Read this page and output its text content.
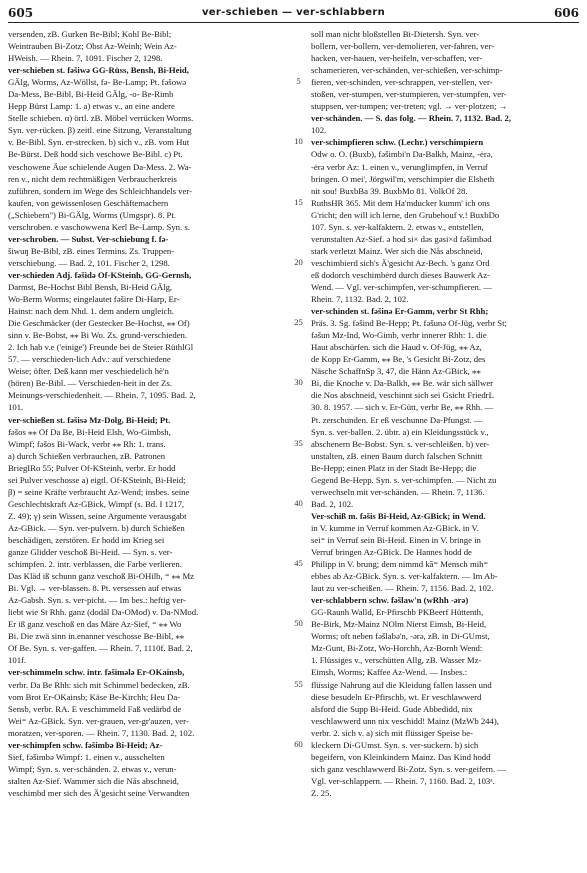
605	ver-schieben — ver-schlabbern	606
versenden, zB. Gurken Be-Bibl; Kohl Be-Bibl;
Weintrauben Bi-Zotz; Obst Az-Weinh; Wein Az-
HWeish. — Rhein. 7, 1091. Fischer 2, 1298.
ver-schieben st. fəšiwə GG-Rüss, Bensh, Bi-Heid,
GÄlg, Worms, Az-Wöllst, fə- Be-Lamp; Pt. fəšowə
Da-Mess, Be-Bibl, Bi-Heid GÄlg, -o- Be-Rimb
Hepp Bürst Lamp: 1. a) etwas v., an eine andere
Stelle schieben. α) örtl. zB. Möbel verrücken Worms.
Syn. ver-rücken. β) zeitl. eine Sitzung, Veranstaltung
v. Be-Bibl. Syn. er-strecken. b) sich v., zB. vom Hut
Be-Bürst. Deß hodd sich veschowe Be-Bibl. c) Pt.
veschowene Äue schielende Augen Da-Mess. 2. Wa-
ren v., nicht dem rechtmäßigen Verbraucherkreis
zuführen, sondern im Wege des Schleichhandels ver-
kaufen, von gewissenlosen Geschäftemachern
(„Schiebern") Bi-GÄlg, Worms (Umgspr). 8. Pt.
verschroben. e vaschowwena Kerl Be-Lamp. Syn. s.
ver-schroben. — Subst. Ver-schiebung f. fə-
šiwuŋ Be-Bibl, zB. eines Termins. Zs. Truppen-
verschiebung. — Bad. 2, 101. Fischer 2, 1298.
ver-schieden Adj. fəšidə Of-KSteinh, GG-Gernsh,
Darmst, Be-Hochst Bibl Bensh, Bi-Heid GÄlg,
Wo-Berm Worms; eingelautet fəšire Di-Harp, Er-
Hainst: nach dem Nhd. 1. dem andern ungleich.
Die Geschmäcker (der Gestecker Be-Hochst, ⁎⁎ Of)
sinn v. Be-Bobst, ⁎⁎ Bi Wo. Zs. grund-verschieden.
2. Ich hab v.e ('einige') Freunde bei de Steier RüthlGl
57. — verschieden-lich Adv.: auf verschiedene
Weise; öfter. Deß kann mer veschiedelich hè'n
(hören) Be-Bibl. — Verschieden-heit in der Zs.
Meinungs-verschiedenheit. — Rhein. 7, 1095. Bad. 2,
101.
ver-schießen st. fəšisə Mz-Dolg, Bi-Heid; Pt.
fəšos ⁎⁎ Of Da Be, Bi-Heid Elsh, Wo-Gimbsh,
Wimpf; fəšos Bi-Wack, verbr ⁎⁎ Rh: 1. trans.
a) durch Schießen verbrauchen, zB. Patronen
BriegIRo 55; Pulver Of-KSteinh, verbr. Er hodd
sei Pulver veschosse a) eigtl. Of-KSteinh, Bi-Heid;
β) = seine Kräfte verbraucht Az-Wend; insbes. seine
Geschlechtskraft Az-GBick, Wimpf (s. Bd. I 1217,
Z. 49); γ) sein Wissen, seine Argumente verausgabt
Az-GBick. — Syn. ver-pulvern. b) durch Schießen
beschädigen, zerstören. Er hodd im Krieg sei
ganze Glidder veschoß Bi-Heid. — Syn. s. ver-
schimpfen. 2. intr. verblassen, die Farbe verlieren.
Das Kläd iß schunn ganz veschoß Bi-OHilb, ⁼ ⁎⁎ Mz
Bi. Vgl. → ver-blassen. 8. Pt. versessen auf etwas
Az-Gabsh. Syn. s. ver-picht. — Im bes.: heftig ver-
liebt wie St Rhh. ganz (dodäl Da-OMod) v. Da-NMod.
Er iß ganz veschoß en das Märe Az-Sief, ⁼ ⁎⁎ Wo
Bi. Die zwä sinn in.enanner veschosse Be-Bibl, ⁎⁎
Of Be. Syn. s. ver-gaffen. — Rhein. 7, 1110f. Bad. 2,
101f.
ver-schimmeln schw. intr. fəšimələ Er-OKainsb,
verbr. Da Be Rhh: sich mit Schimmel bedecken, zB.
vom Brot Er-OKainsb; Käse Be-Kirchh; Heu Da-
Sensb, verbr. RA. E veschimmeld Faß vedärbd de
Wei⁼ Az-GBick. Syn. ver-grauen, ver-gr'auzen, ver-
moratzen, ver-sporen. — Rhein. 7, 1130. Bad. 2, 102.
ver-schimpfen schw. fəšimbə Bi-Heid; Az-
Sief, fəšimbə Wimpf: 1. einen v., ausschelten
Wimpf; Syn. s. ver-schänden. 2. etwas v., verun-
stalten Az-Sief. Wammer sich die Nås abschneid,
veschimbd mer sich des Ä'gesicht seine Verwandten
5
10
15
20
25
30
35
40
45
50
55
60
soll man nicht bloßstellen Bi-Dietersh. Syn. ver-
bollern, ver-bollern, ver-demolieren, ver-fahren, ver-
hacken, ver-hauen, ver-heifeln, ver-schaffen, ver-
schamerieren, ver-schänden, ver-schießen, ver-schimp-
fieren, ver-schinden, ver-schrappen, ver-stellen, ver-
stoßen, ver-stumpen, ver-stumpieren, ver-stumpfen, ver-
stuppsen, ver-tumpen; ver-treten; vgl. → ver-plotzen; →
ver-schänden. — S. das folg. — Rhein. 7, 1132. Bad. 2,
102.
ver-schimpfieren schw. (Lechr.) verschimpiern
Odw o. O. (Buxb), fəšimbi'n Da-Balkh, Mainz, -ėrə,
-ėrə verbr Az: 1. einen v., verunglimpfen, in Verruf
bringen. O mei', Jörgwil'm, verschimpier die Elsbeth
nit sou! BuxbBa 39. BuxbMo 81. VolkOf 28.
RuthsHR 365. Mit dem Ha'mducker kumm' ich ons
G'richt; den will ich lerne, den Grubehouf v.! BuxbDo
107. Syn. s. ver-kalfaktern. 2. etwas v., entstellen,
verunstalten Az-Sief. ə hod si× dəs gəsi×d fəšimbəd
stark verletzt Mainz. Wer sich die Nås abschneid,
veschimbierd sich's Ä'gesicht Az-Bech. 's ganz Ord
eß dodorch veschimbėrd durch dieses Bauwerk Az-
Wend. — Vgl. ver-schimpfen, ver-schumpfieren. —
Rhein. 7, 1132. Bad. 2, 102.
ver-schinden st. fəšinə Er-Gamm, verbr St Rhh;
Präs. 3. Sg. fəšind Be-Hepp; Pt. fəšunə Of-Jüg, verbr St;
fəšun Mz-Ind, Wo-Gimb, verbr innerer Rhh: 1. die
Haut abschürfen. sich die Haud v. Of-Jüg, ⁎⁎ Az,
de Kopp Er-Gamm, ⁎⁎ Be, 's Gesicht Bi-Zotz, des
Näsche SchaffnSp 3, 47, die Hänn Az-GBick, ⁎⁎
Bi, die Knoche v. Da-Balkh, ⁎⁎ Be. wär sich sällwer
die Nos abschneid, veschinnt sich sei Gsicht FriedrL
30. 8. 1957. — sich v. Er-Gütt, verbr Be, ⁎⁎ Rhh. —
Pt. zerschunden. Er eß veschunne Da-Pfungst. —
Syn. s. ver-ballen. 2. übtr. a) ein Kleidungsstück v.,
abschenern Be-Bobst. Syn. s. ver-schleißen. b) ver-
unstalten, zB. einen Baum durch falschen Schnitt
Be-Hepp; einen Platz in der Stadt Be-Hepp; die
Gegend Be-Hepp. Syn. s. ver-schimpfen. — Nicht zu
verwechseln mit ver-schänden. — Rhein. 7, 1136.
Bad. 2, 102.
Ver-schiß m. fəšis Bi-Heid, Az-GBick; in Wend.
in V. kumme in Verruf kommen Az-GBick. in V.
sei⁼ in Verruf sein Bi-Heid. Einen in V. bringe in
Verruf bringen Az-GBick. De Hannes hodd de
Philipp in V. brung; dem nimmd kā⁼ Mensch mih⁼
ebbes ab Az-GBick. Syn. s. ver-kalfaktern. — Im Ab-
laut zu ver-scheißen. — Rhein. 7, 1156. Bad. 2, 102.
ver-schlabbern schw. fəšlaw'n (wRhh -ərə)
GG-Raunh Walld, Er-Pfirschb PKBeerf Hüttenth,
Be-Birk, Mz-Mainz NOlm Nierst Eimsh, Bi-Heid,
Worms; oft neben fəšlabə'n, -ərə, zB. in Di-GUmst,
Mz-Gunt, Bi-Zotz, Wo-Horchh, Az-Bornh Wend:
1. Flüssiges v., verschütten Allg, zB. Wasser Mz-
Eimsh, Worms; Kaffee Az-Wend. — Insbes.:
flüssige Nahrung auf die Kleidung fallen lassen und
diese besudeln Er-Pfirschb, wt. Er veschlawwerd
alsford die Supp Bi-Heid. Gude Abbedidd, nix
veschlawwerd unn nix veschidd! Mainz (MzWb 244),
verbr. 2. sich v. a) sich mit flüssiger Speise be-
kleckern Di-GUmst. Syn. s. ver-suckern. b) sich
begeifern, von Kleinkindern Mainz. Das Kind hodd
sich ganz veschlawwerd Bi-Zotz. Syn. s. ver-geifern. —
Vgl. ver-schlappern. — Rhein. 7, 1160. Bad. 2, 103ᵃ.
Z. 25.
